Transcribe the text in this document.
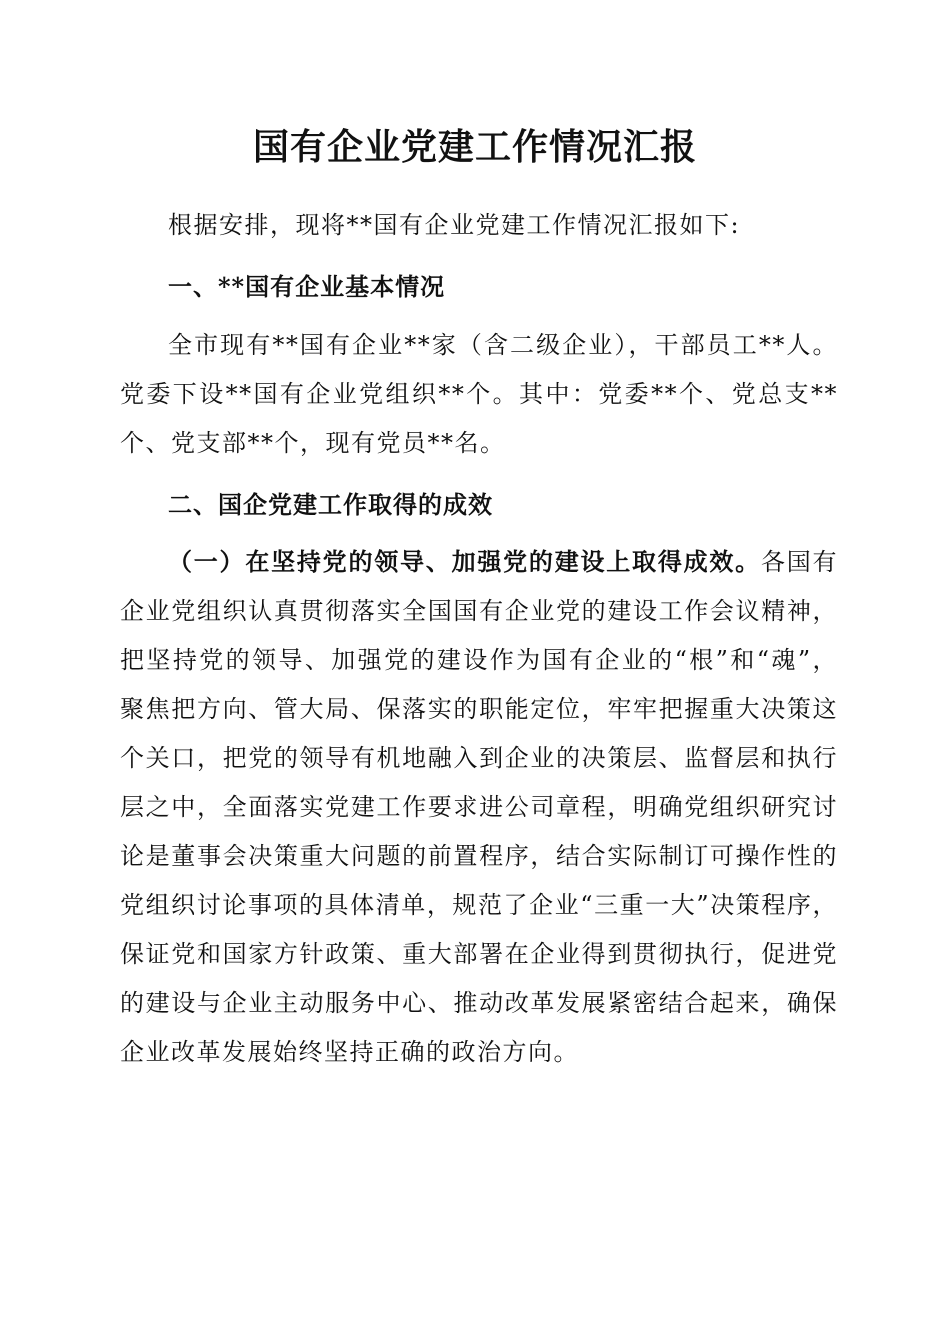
国有企业党建工作情况汇报

根据安排，现将**国有企业党建工作情况汇报如下:

一、**国有企业基本情况

全市现有**国有企业**家（含二级企业），干部员工**人。党委下设**国有企业党组织**个。其中：党委**个、党总支**个、党支部**个，现有党员**名。

二、国企党建工作取得的成效

（一）在坚持党的领导、加强党的建设上取得成效。各国有企业党组织认真贯彻落实全国国有企业党的建设工作会议精神，把坚持党的领导、加强党的建设作为国有企业的“根”和“魂”，聚焦把方向、管大局、保落实的职能定位，牢牢把握重大决策这个关口，把党的领导有机地融入到企业的决策层、监督层和执行层之中，全面落实党建工作要求进公司章程，明确党组织研究讨论是董事会决策重大问题的前置程序，结合实际制订可操作性的党组织讨论事项的具体清单，规范了企业“三重一大”决策程序，保证党和国家方针政策、重大部署在企业得到贯彻执行，促进党的建设与企业主动服务中心、推动改革发展紧密结合起来，确保企业改革发展始终坚持正确的政治方向。
